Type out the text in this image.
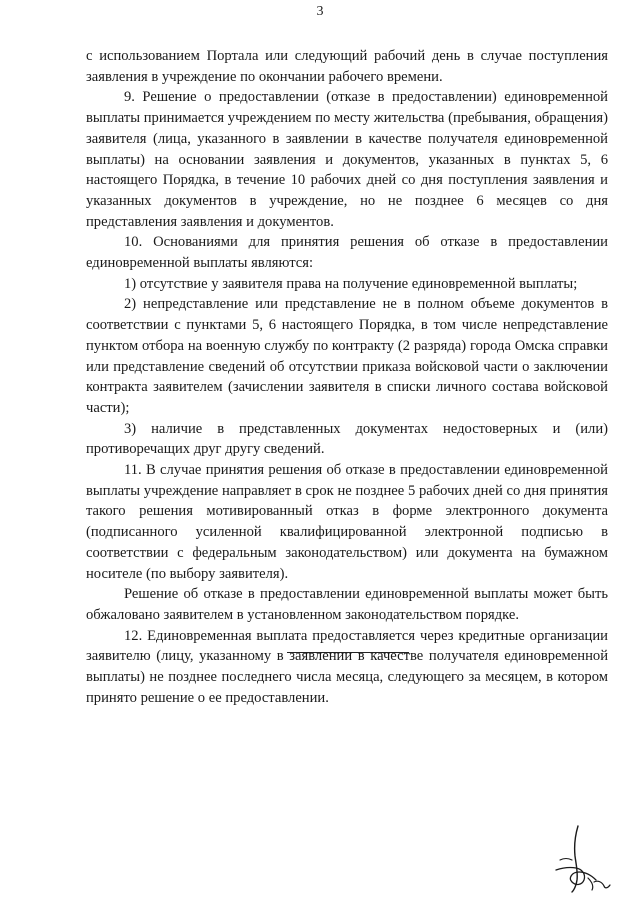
3

с использованием Портала или следующий рабочий день в случае поступления заявления в учреждение по окончании рабочего времени.

9. Решение о предоставлении (отказе в предоставлении) единовременной выплаты принимается учреждением по месту жительства (пребывания, обращения) заявителя (лица, указанного в заявлении в качестве получателя единовременной выплаты) на основании заявления и документов, указанных в пунктах 5, 6 настоящего Порядка, в течение 10 рабочих дней со дня поступления заявления и указанных документов в учреждение, но не позднее 6 месяцев со дня представления заявления и документов.

10. Основаниями для принятия решения об отказе в предоставлении единовременной выплаты являются:

1) отсутствие у заявителя права на получение единовременной выплаты;

2) непредставление или представление не в полном объеме документов в соответствии с пунктами 5, 6 настоящего Порядка, в том числе непредставление пунктом отбора на военную службу по контракту (2 разряда) города Омска справки или представление сведений об отсутствии приказа войсковой части о заключении контракта заявителем (зачислении заявителя в списки личного состава войсковой части);

3) наличие в представленных документах недостоверных и (или) противоречащих друг другу сведений.

11. В случае принятия решения об отказе в предоставлении единовременной выплаты учреждение направляет в срок не позднее 5 рабочих дней со дня принятия такого решения мотивированный отказ в форме электронного документа (подписанного усиленной квалифицированной электронной подписью в соответствии с федеральным законодательством) или документа на бумажном носителе (по выбору заявителя).

Решение об отказе в предоставлении единовременной выплаты может быть обжаловано заявителем в установленном законодательством порядке.

12. Единовременная выплата предоставляется через кредитные организации заявителю (лицу, указанному в заявлении в качестве получателя единовременной выплаты) не позднее последнего числа месяца, следующего за месяцем, в котором принято решение о ее предоставлении.
